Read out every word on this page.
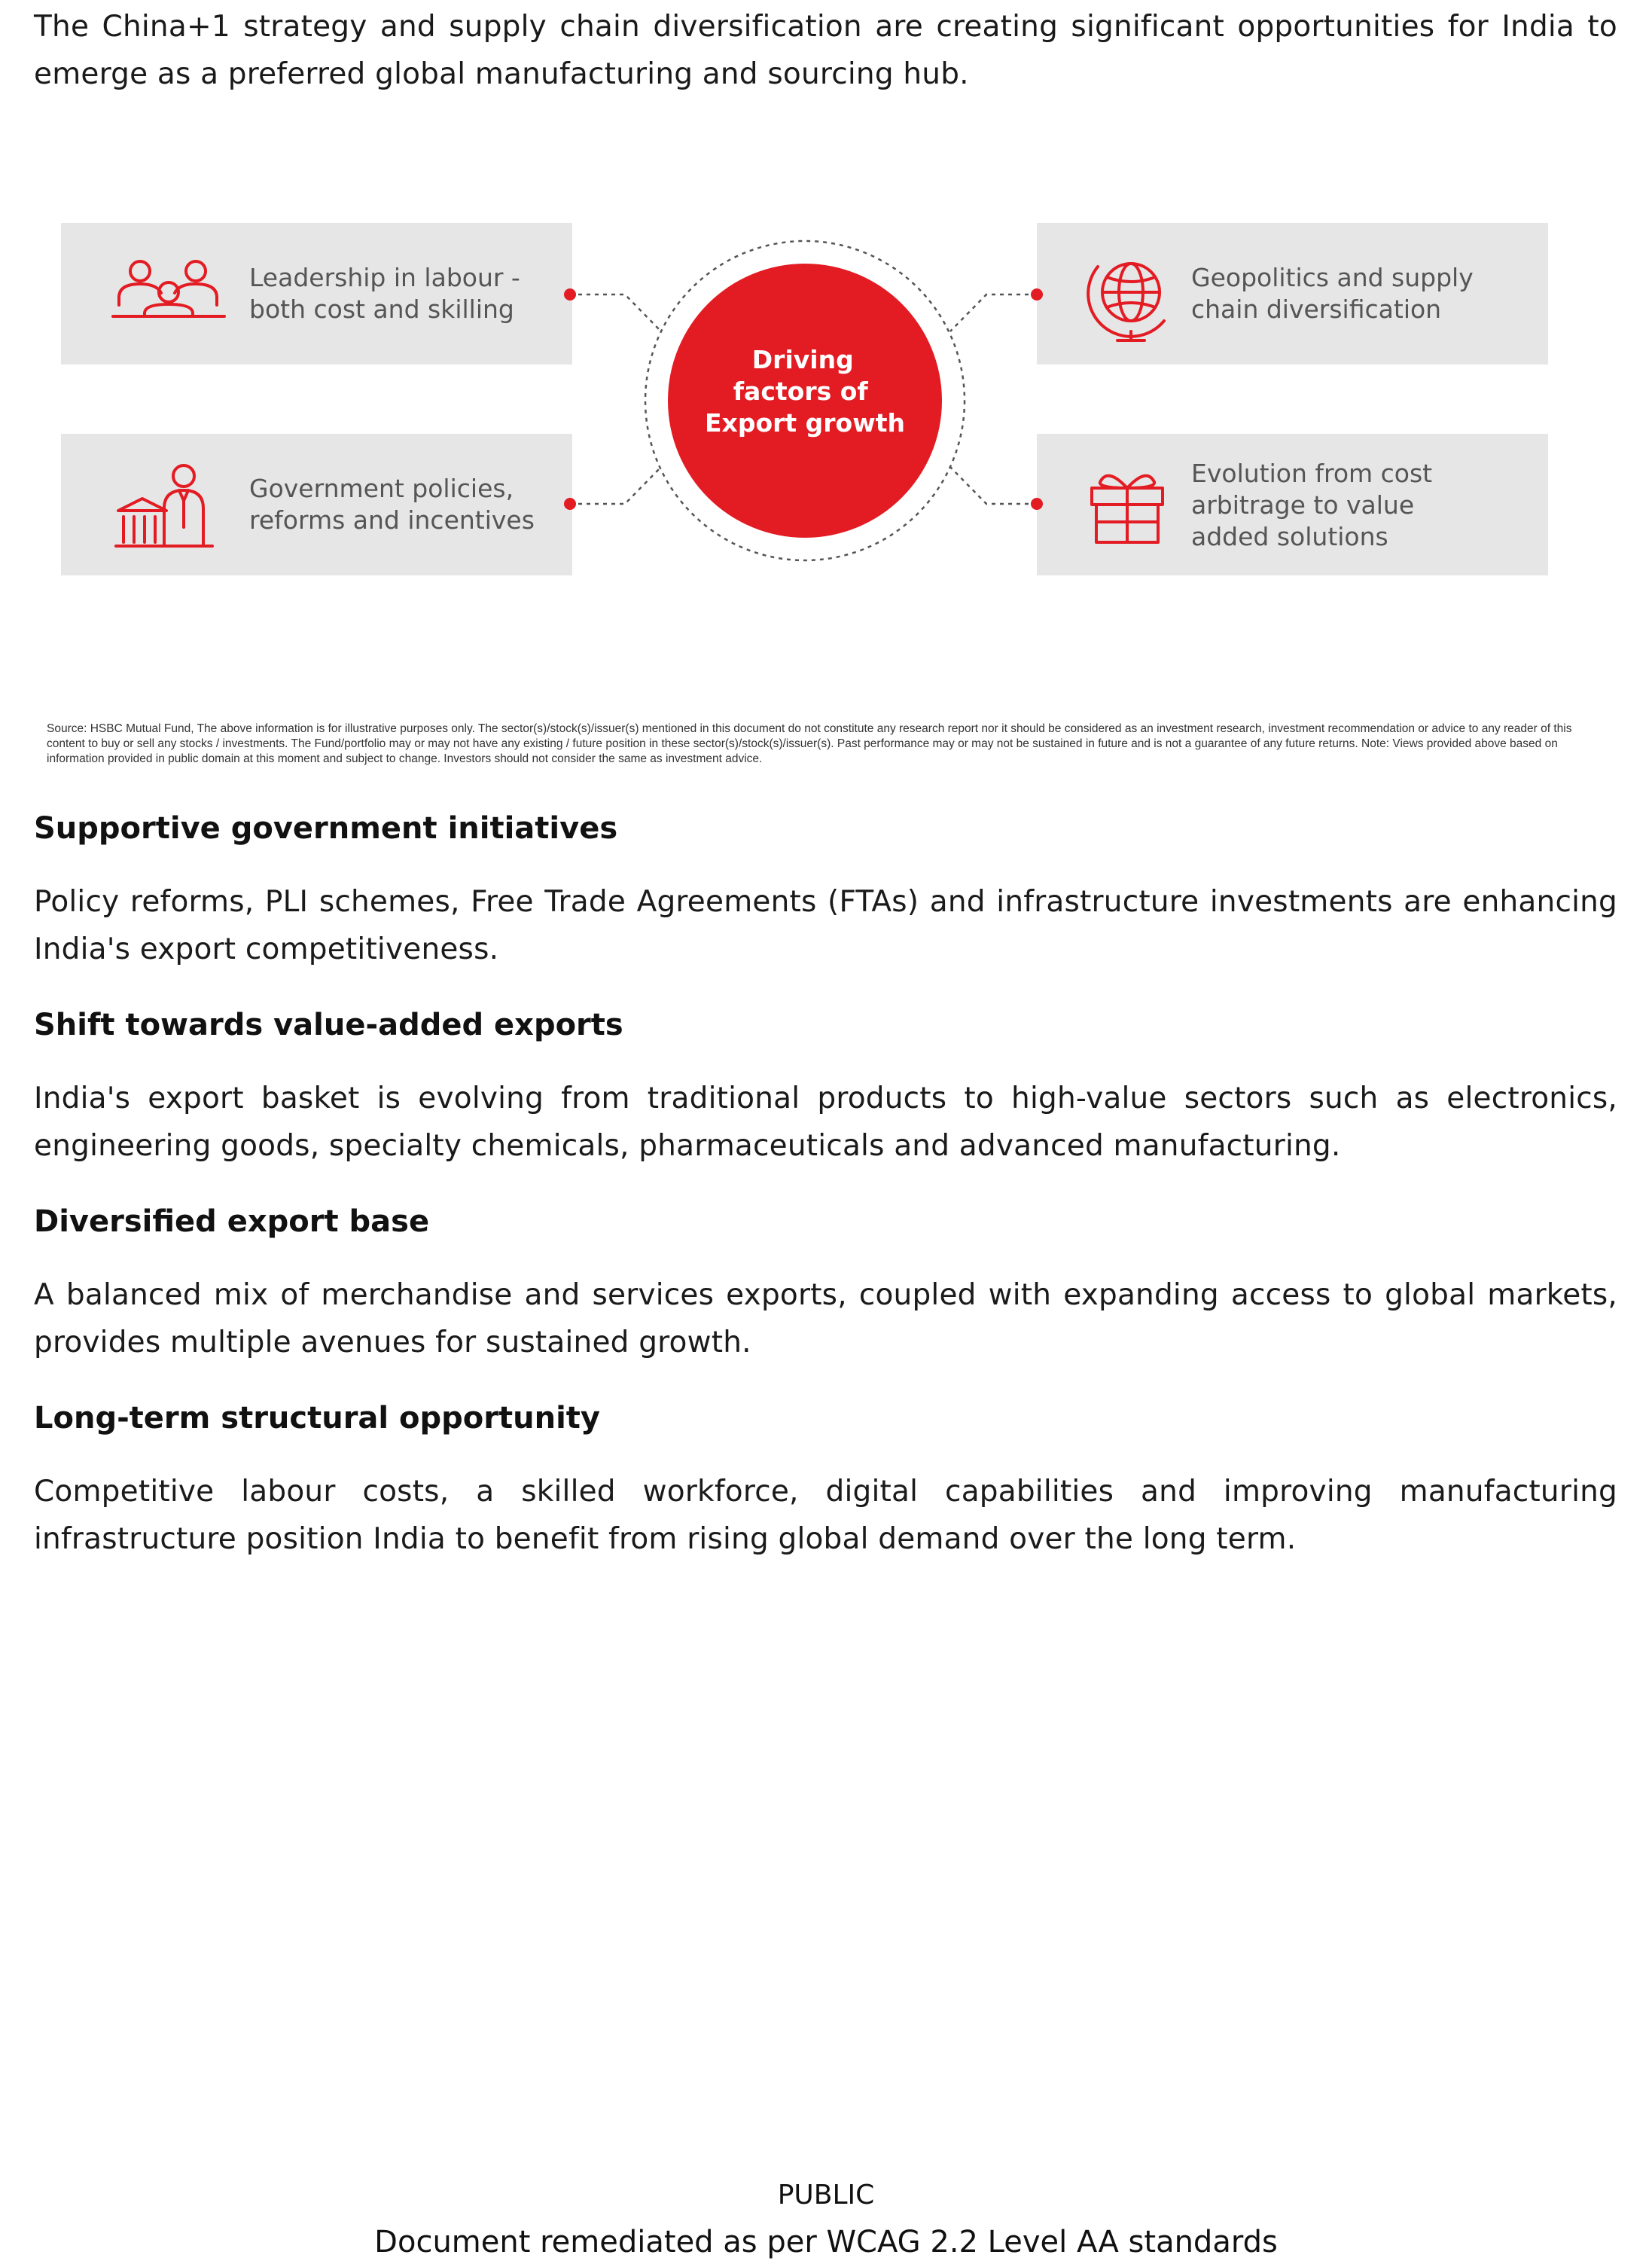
The China+1 strategy and supply chain diversification are creating significant opportunities for India to emerge as a preferred global manufacturing and sourcing hub.

Driving factors of Export growth
Leadership in labour - both cost and skilling
Geopolitics and supply chain diversification
Government policies, reforms and incentives
Evolution from cost arbitrage to value added solutions

Source: HSBC Mutual Fund, The above information is for illustrative purposes only. The sector(s)/stock(s)/issuer(s) mentioned in this document do not constitute any research report nor it should be considered as an investment research, investment recommendation or advice to any reader of this content to buy or sell any stocks / investments. The Fund/portfolio may or may not have any existing / future position in these sector(s)/stock(s)/issuer(s). Past performance may or may not be sustained in future and is not a guarantee of any future returns. Note: Views provided above based on information provided in public domain at this moment and subject to change. Investors should not consider the same as investment advice.

Supportive government initiatives

Policy reforms, PLI schemes, Free Trade Agreements (FTAs) and infrastructure investments are enhancing India's export competitiveness.

Shift towards value-added exports

India's export basket is evolving from traditional products to high-value sectors such as electronics, engineering goods, specialty chemicals, pharmaceuticals and advanced manufacturing.

Diversified export base

A balanced mix of merchandise and services exports, coupled with expanding access to global markets, provides multiple avenues for sustained growth.

Long-term structural opportunity

Competitive labour costs, a skilled workforce, digital capabilities and improving manufacturing infrastructure position India to benefit from rising global demand over the long term.

PUBLIC

Document remediated as per WCAG 2.2 Level AA standards
